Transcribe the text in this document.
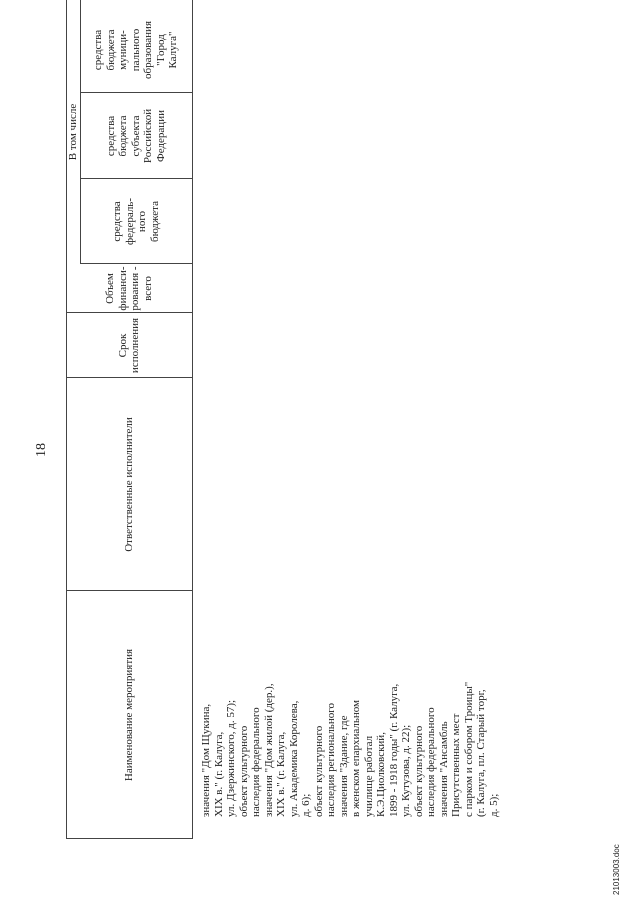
18
Наименование мероприятия
Ответственные исполнители
Срок
исполнения
Объем
финанси-
рования -
всего
В том числе
средства
федераль-
ного
бюджета
средства
бюджета
субъекта
Российской
Федерации
средства
бюджета
муници-
пального
образования
"Город
Калуга"
значения "Дом Щукина,
XIX в." (г. Калуга,
ул. Дзержинского, д. 57);
объект культурного
наследия федерального
значения "Дом жилой (дер.),
XIX в." (г. Калуга,
ул. Академика Королева,
д. 6);
объект культурного
наследия регионального
значения "Здание, где
в женском епархиальном
училище работал
К.Э.Циолковский,
1899 - 1918 годы" (г. Калуга,
ул. Кутузова, д. 22);
объект культурного
наследия федерального
значения "Ансамбль
Присутственных мест
с парком и собором Троицы"
(г. Калуга, пл. Старый торг,
д. 5);
21013003.doc
